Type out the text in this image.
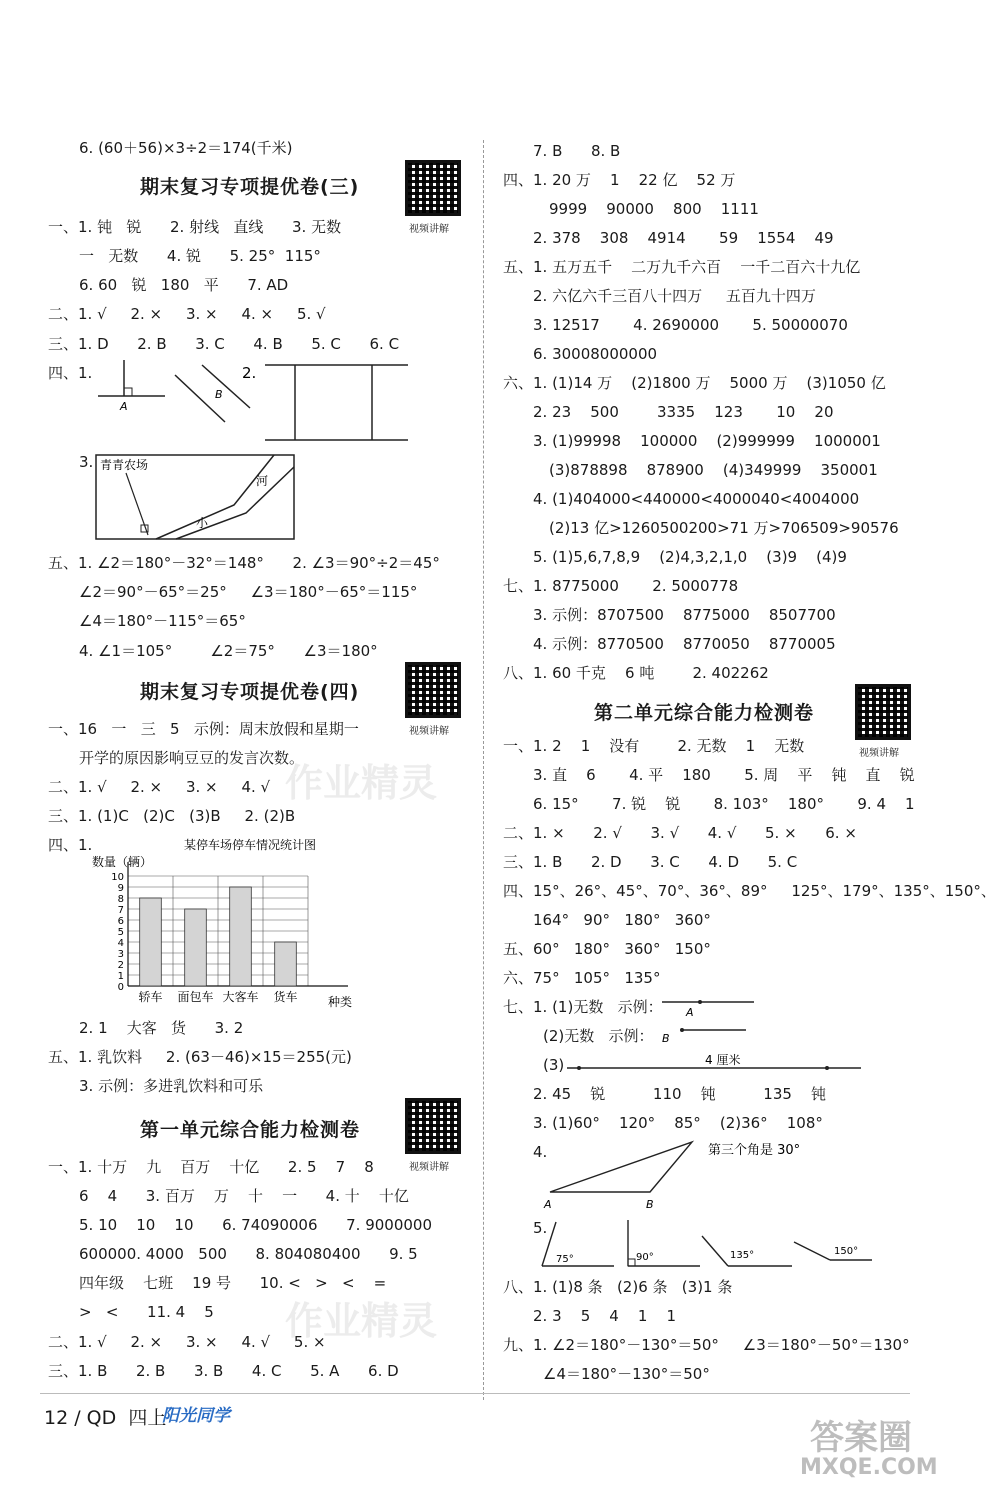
6. (60＋56)×3÷2＝174(千米)
期末复习专项提优卷(三)
视频讲解
一、1. 钝   锐      2. 射线   直线      3. 无数
一   无数      4. 锐      5. 25°  115°
6. 60   锐   180   平      7. AD
二、1. √     2. ×     3. ×     4. ×     5. √
三、1. D      2. B      3. C      4. B      5. C      6. C
四、1.
A
B
2.
3. 青青农场
河
小
五、1. ∠2＝180°－32°＝148°      2. ∠3＝90°÷2＝45°
∠2＝90°－65°＝25°     ∠3＝180°－65°＝115°
∠4＝180°－115°＝65°
4. ∠1＝105°        ∠2＝75°      ∠3＝180°
期末复习专项提优卷(四)
视频讲解
一、16   一   三   5   示例：周末放假和星期一
开学的原因影响豆豆的发言次数。
二、1. √     2. ×     3. ×     4. √
三、1. (1)C   (2)C   (3)B     2. (2)B
四、1.	某停车场停车情况统计图
数量（辆）
种类
0
1
2
3
4
5
6
7
8
9
10
轿车 面包车 大客车 货车
2. 1    大客   货      3. 2
五、1. 乳饮料     2. (63－46)×15＝255(元)
3. 示例：多进乳饮料和可乐
第一单元综合能力检测卷
视频讲解
一、1. 十万    九    百万    十亿      2. 5    7    8
6    4      3. 百万    万    十    一      4. 十    十亿
5. 10    10    10      6. 74090006      7. 9000000
600000. 4000   500      8. 804080400      9. 5
四年级    七班    19 号      10. <   >   <    =
>   <      11. 4    5
二、1. √     2. ×     3. ×     4. √     5. ×
三、1. B      2. B      3. B      4. C      5. A      6. D
7. B      8. B
四、1. 20 万    1    22 亿    52 万
9999    90000    800    1111
2. 378    308    4914       59    1554    49
五、1. 五万五千    二万九千六百    一千二百六十九亿
2. 六亿六千三百八十四万     五百九十四万
3. 12517       4. 2690000       5. 50000070
6. 30008000000
六、1. (1)14 万    (2)1800 万    5000 万    (3)1050 亿
2. 23    500        3335    123       10    20
3. (1)99998    100000    (2)999999    1000001
(3)878898    878900    (4)349999    350001
4. (1)404000<440000<4000040<4004000
(2)13 亿>1260500200>71 万>706509>90576
5. (1)5,6,7,8,9    (2)4,3,2,1,0    (3)9    (4)9
七、1. 8775000       2. 5000778
3. 示例：8707500    8775000    8507700
4. 示例：8770500    8770050    8770005
八、1. 60 千克    6 吨        2. 402262
第二单元综合能力检测卷
视频讲解
一、1. 2    1    没有        2. 无数    1    无数
3. 直    6       4. 平    180       5. 周    平    钝    直    锐
6. 15°       7. 锐    锐       8. 103°    180°       9. 4    1
二、1. ×      2. √      3. √      4. √      5. ×      6. ×
三、1. B      2. D      3. C      4. D      5. C
四、15°、26°、45°、70°、36°、89°     125°、179°、135°、150°、
164°   90°   180°   360°
五、60°   180°   360°   150°
六、75°   105°   135°
七、1. (1)无数   示例： A
(2)无数   示例： B
(3)	4 厘米
2. 45    锐          110    钝          135    钝
3. (1)60°    120°    85°    (2)36°    108°
4.
A	B
第三个角是 30°
5.
75°	90°	135°	150°
八、1. (1)8 条   (2)6 条   (3)1 条
2. 3    5    4    1    1
九、1. ∠2＝180°－130°＝50°     ∠3＝180°－50°＝130°
∠4＝180°－130°＝50°
作业精灵
作业精灵
答案圈
MXQE.COM
12 / QD  四上
阳光同学
